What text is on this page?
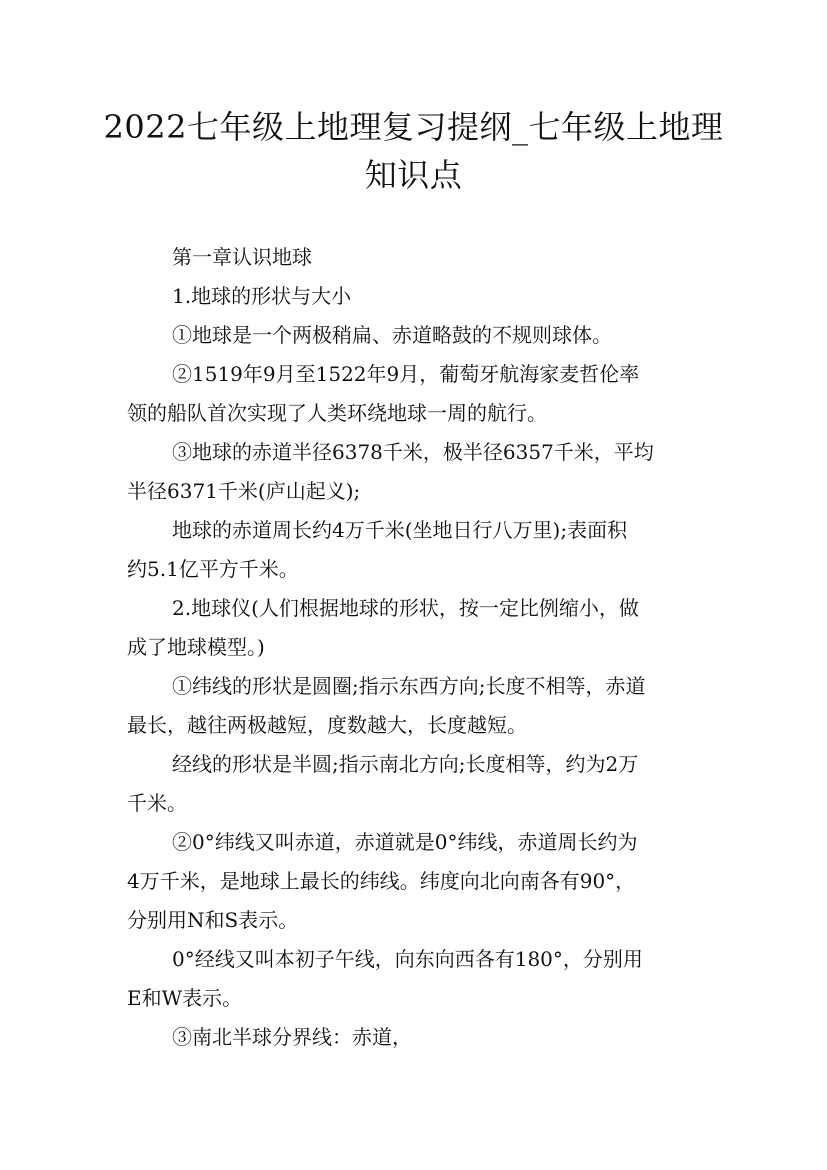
2022七年级上地理复习提纲_七年级上地理
知识点
第一章认识地球
1.地球的形状与大小
①地球是一个两极稍扁、赤道略鼓的不规则球体。
②1519年9月至1522年9月，葡萄牙航海家麦哲伦率
领的船队首次实现了人类环绕地球一周的航行。
③地球的赤道半径6378千米，极半径6357千米，平均
半径6371千米(庐山起义);
地球的赤道周长约4万千米(坐地日行八万里);表面积
约5.1亿平方千米。
2.地球仪(人们根据地球的形状，按一定比例缩小，做
成了地球模型。)
①纬线的形状是圆圈;指示东西方向;长度不相等，赤道
最长，越往两极越短，度数越大，长度越短。
经线的形状是半圆;指示南北方向;长度相等，约为2万
千米。
②0°纬线又叫赤道，赤道就是0°纬线，赤道周长约为
4万千米，是地球上最长的纬线。纬度向北向南各有90°，
分别用N和S表示。
0°经线又叫本初子午线，向东向西各有180°，分别用
E和W表示。
③南北半球分界线：赤道，
